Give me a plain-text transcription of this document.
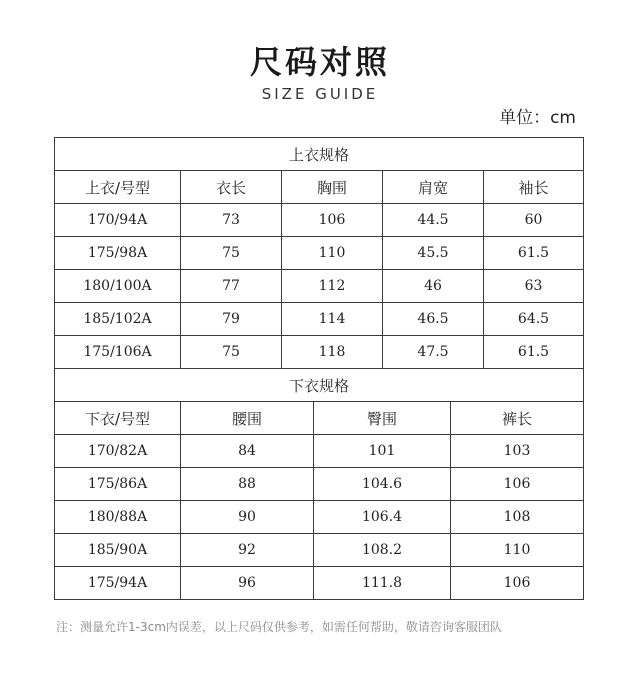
尺码对照
SIZE GUIDE
单位：cm
上衣规格				
上衣/号型	衣长	胸围	肩宽	袖长
170/94A	73	106	44.5	60
175/98A	75	110	45.5	61.5
180/100A	77	112	46	63
185/102A	79	114	46.5	64.5
175/106A	75	118	47.5	61.5
下衣规格			
下衣/号型	腰围	臀围	裤长
170/82A	84	101	103
175/86A	88	104.6	106
180/88A	90	106.4	108
185/90A	92	108.2	110
175/94A	96	111.8	106
注：测量允许1-3cm内误差，以上尺码仅供参考，如需任何帮助，敬请咨询客服团队
